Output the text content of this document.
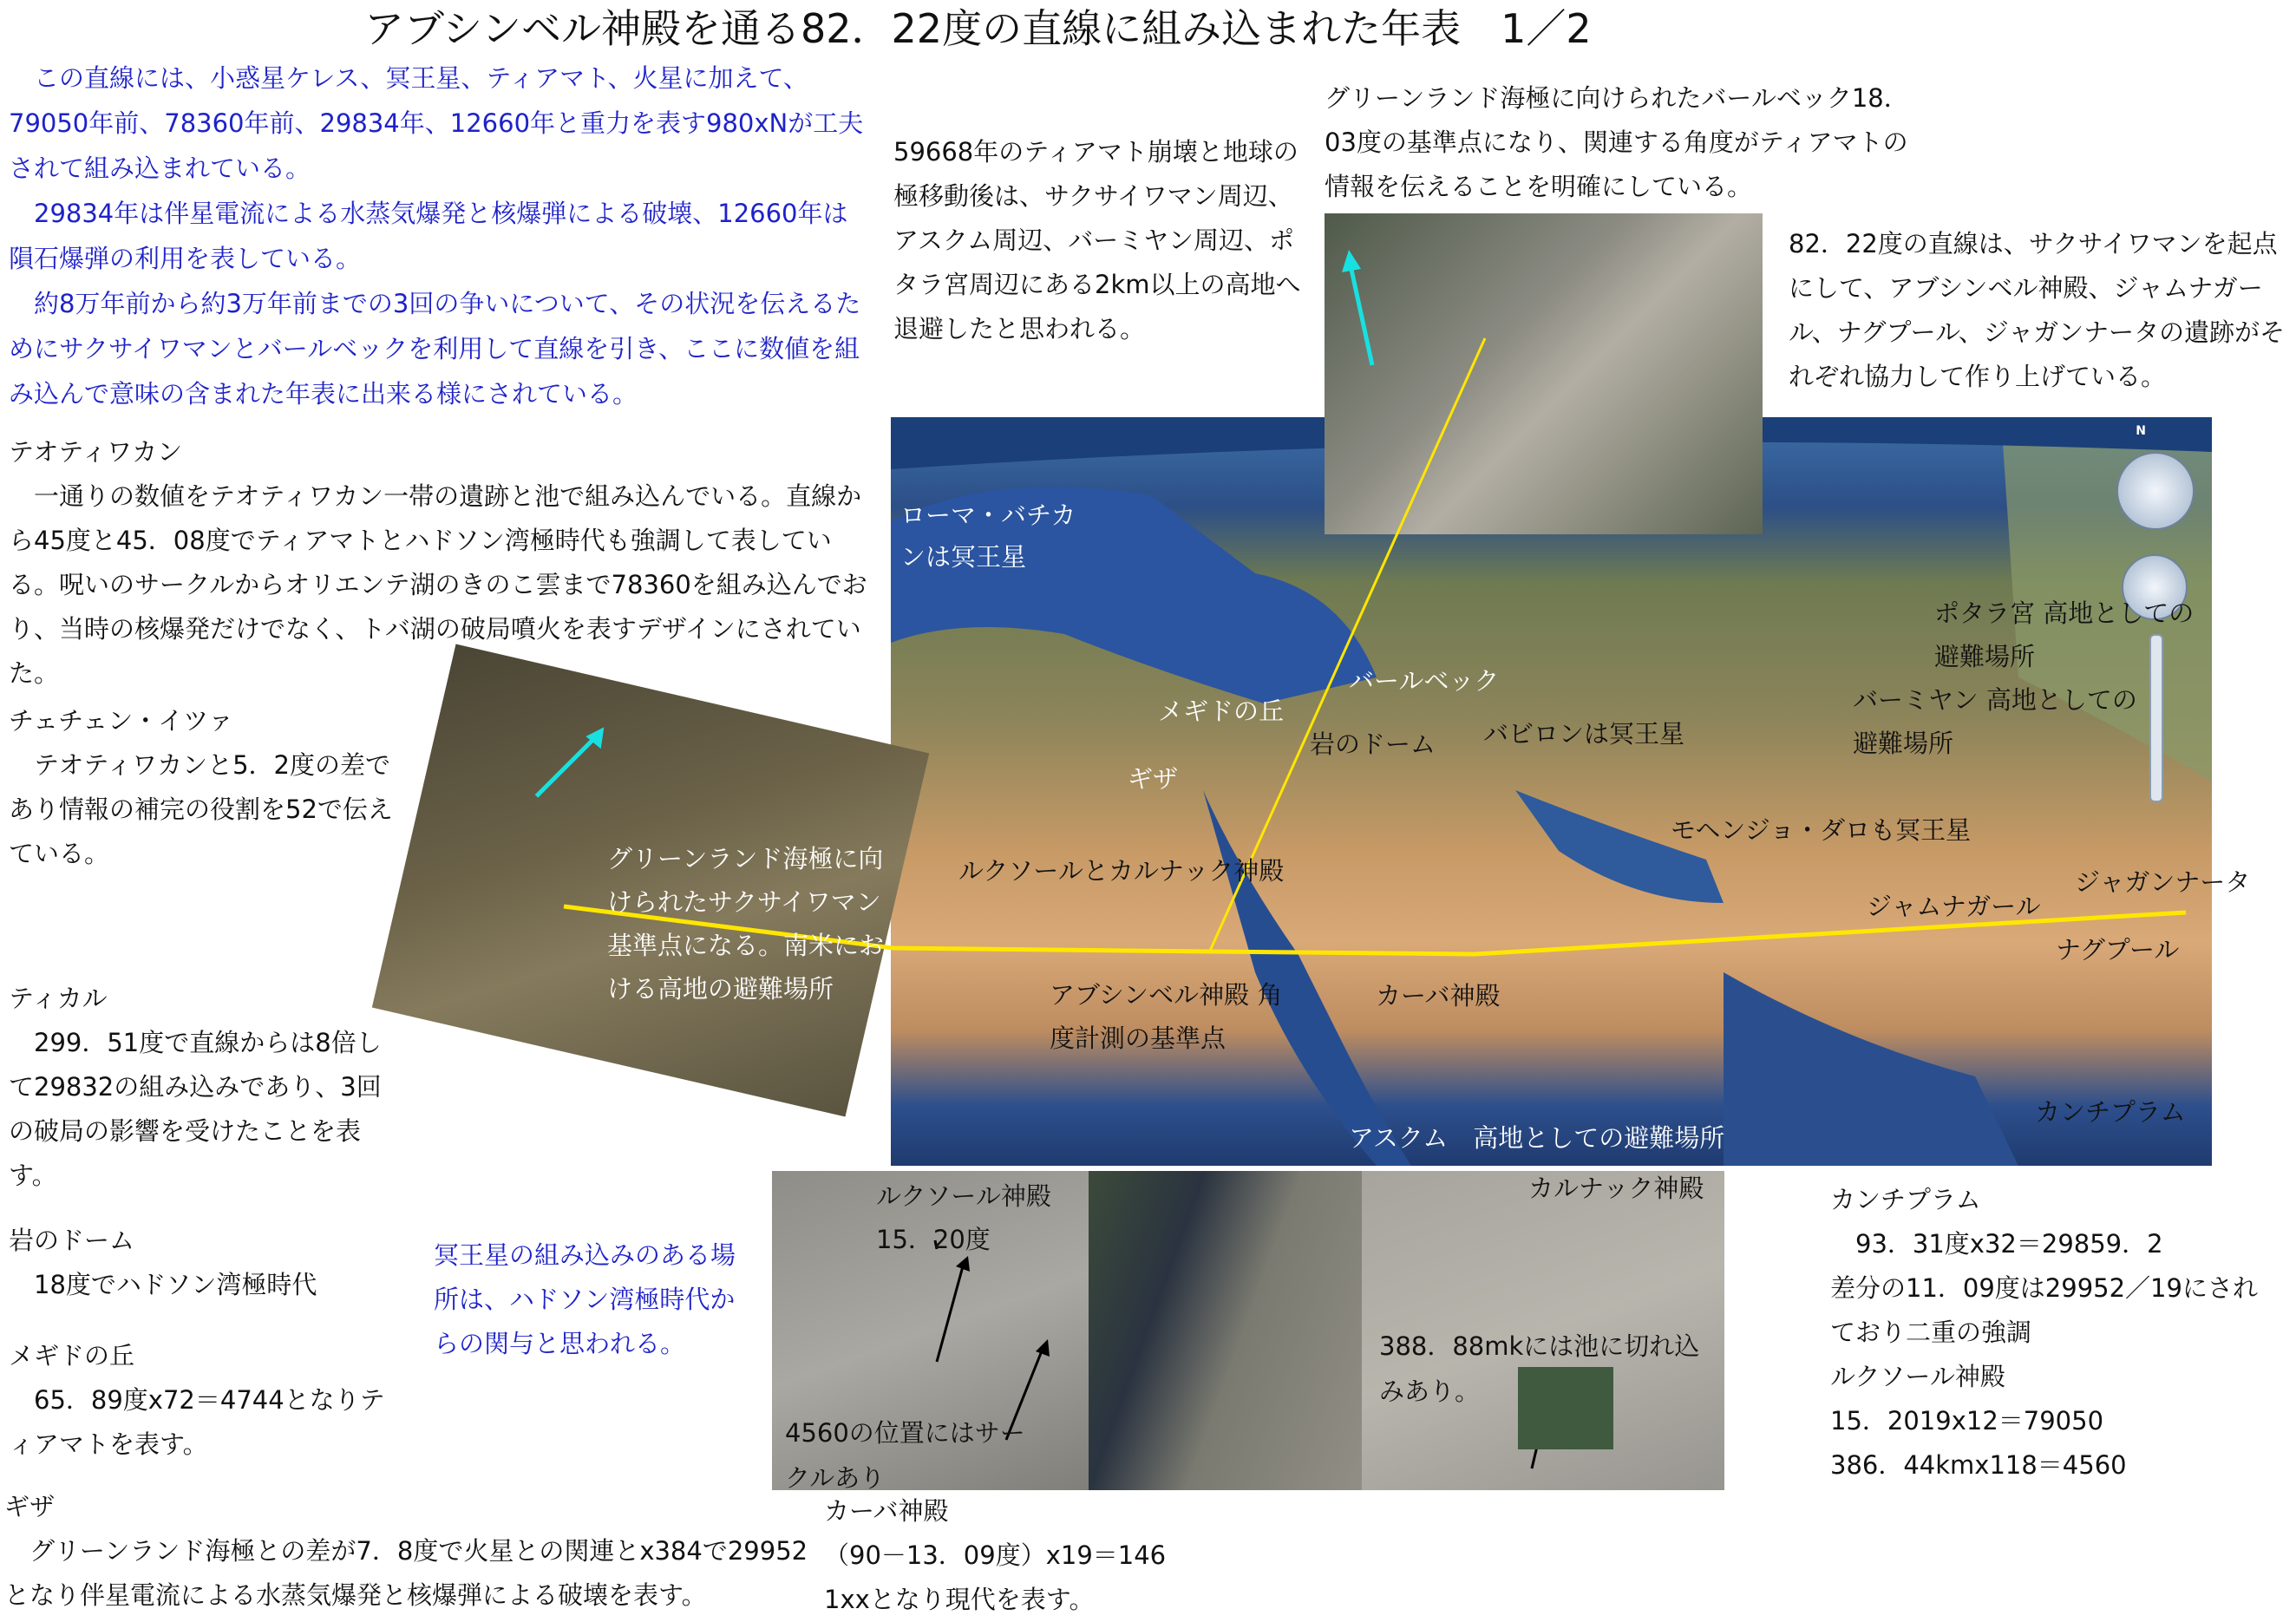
アブシンベル神殿を通る82．22度の直線に組み込まれた年表　1／2

　この直線には、小惑星ケレス、冥王星、ティアマト、火星に加えて、79050年前、78360年前、29834年、12660年と重力を表す980xNが工夫されて組み込まれている。

　29834年は伴星電流による水蒸気爆発と核爆弾による破壊、12660年は隕石爆弾の利用を表している。

　約8万年前から約3万年前までの3回の争いについて、その状況を伝えるためにサクサイワマンとバールベックを利用して直線を引き、ここに数値を組み込んで意味の含まれた年表に出来る様にされている。

59668年のティアマト崩壊と地球の極移動後は、サクサイワマン周辺、アスクム周辺、バーミヤン周辺、ポタラ宮周辺にある2km以上の高地へ退避したと思われる。
グリーンランド海極に向けられたバールベック18．03度の基準点になり、関連する角度がティアマトの情報を伝えることを明確にしている。
82．22度の直線は、サクサイワマンを起点にして、アブシンベル神殿、ジャムナガール、ナグプール、ジャガンナータの遺跡がそれぞれ協力して作り上げている。

テオティワカン

　一通りの数値をテオティワカン一帯の遺跡と池で組み込んでいる。直線から45度と45．08度でティアマトとハドソン湾極時代も強調して表している。呪いのサークルからオリエンテ湖のきのこ雲まで78360を組み込んでおり、当時の核爆発だけでなく、トバ湖の破局噴火を表すデザインにされていた。

チェチェン・イツァ

　テオティワカンと5．2度の差であり情報の補完の役割を52で伝えている。

ティカル

　299．51度で直線からは8倍して29832の組み込みであり、3回の破局の影響を受けたことを表す。

岩のドーム

　18度でハドソン湾極時代

メギドの丘

　65．89度x72＝4744となりティアマトを表す。

ギザ

　グリーンランド海極との差が7．8度で火星との関連とx384で29952となり伴星電流による水蒸気爆発と核爆弾による破壊を表す。

冥王星の組み込みのある場所は、ハドソン湾極時代からの関与と思われる。
N
ローマ・バチカンは冥王星
バールベック
メギドの丘
岩のドーム バビロンは冥王星
ギザ
ポタラ宮 高地としての避難場所
バーミヤン 高地としての避難場所
モヘンジョ・ダロも冥王星
ルクソールとカルナック神殿
ジャムナガール
ジャガンナータ
ナグプール
アブシンベル神殿 角度計測の基準点
カーバ神殿
カンチプラム
アスクム　高地としての避難場所
グリーンランド海極に向けられたサクサイワマン基準点になる。南米における高地の避難場所
ルクソール神殿 15．20度
4560の位置にはサークルあり
カルナック神殿
388．88mkには池に切れ込みあり。

カーバ神殿

（90－13．09度）x19＝146

1xxとなり現代を表す。

カンチプラム

　93．31度x32＝29859．2

差分の11．09度は29952／19にされており二重の強調

ルクソール神殿

15．2019x12＝79050

386．44kmx118＝4560
